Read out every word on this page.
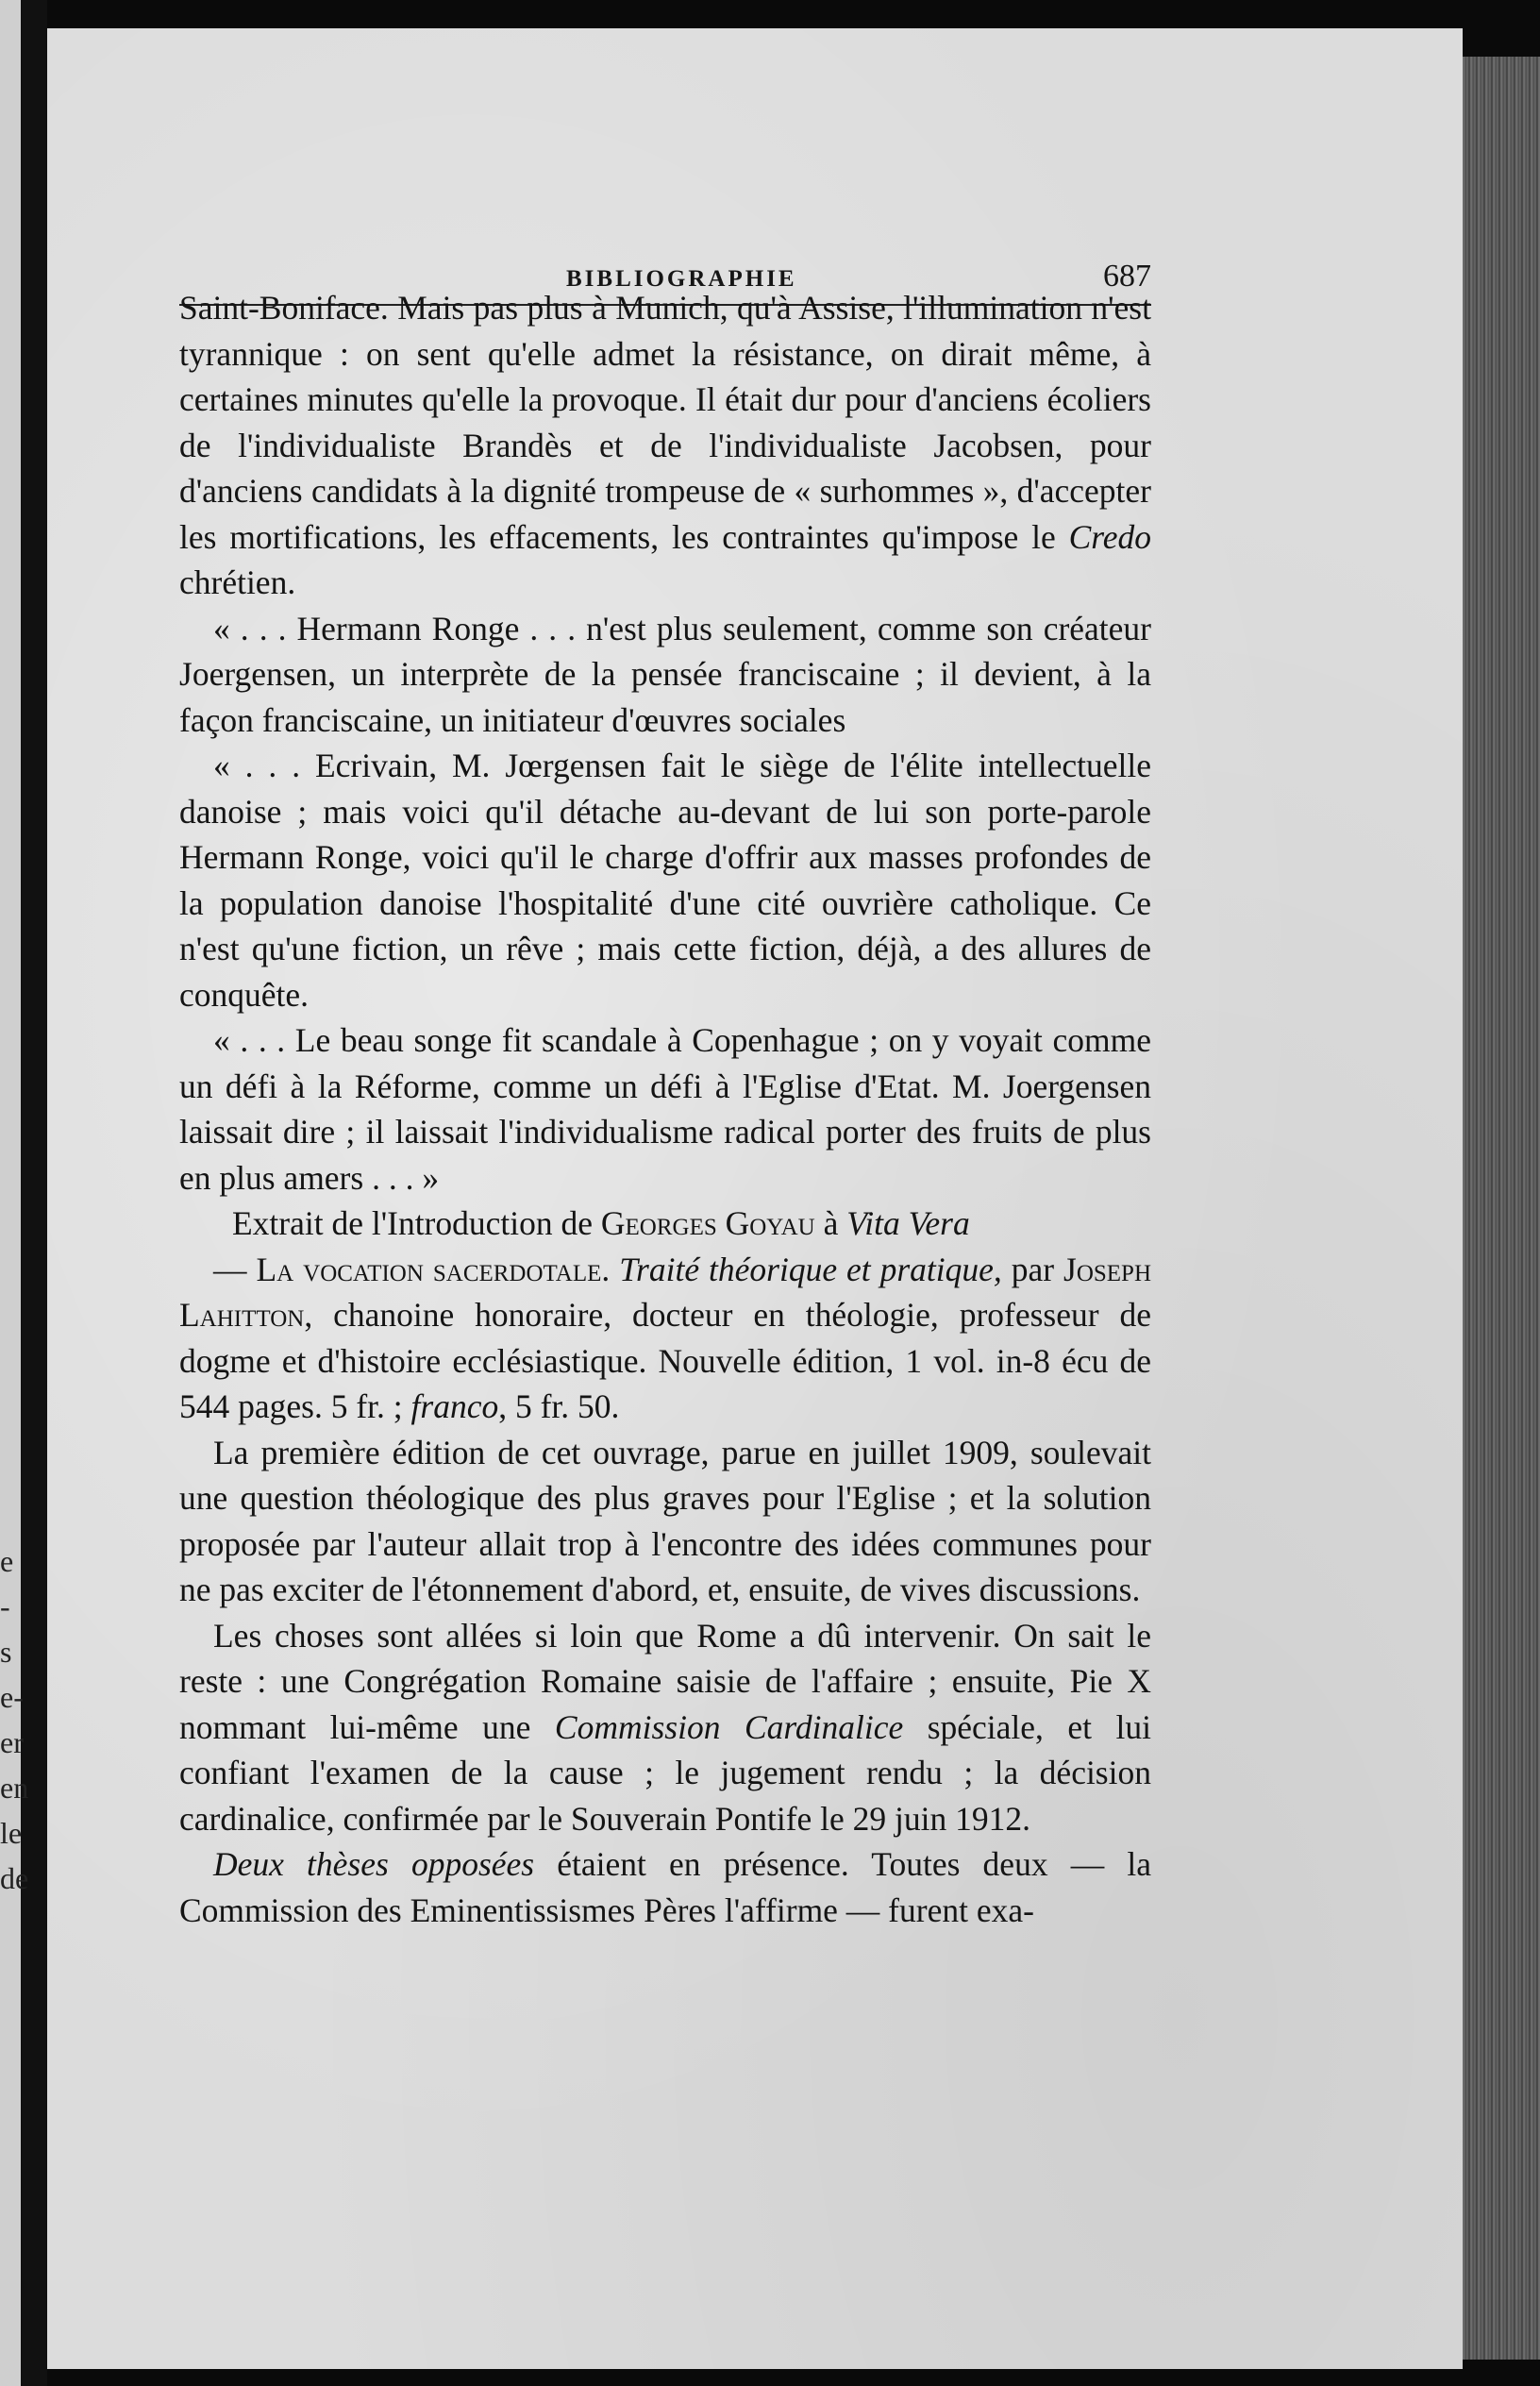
BIBLIOGRAPHIE	687
e
-
s
e-
er
en
le
de

Saint-Boniface. Mais pas plus à Munich, qu'à Assise, l'illumination n'est tyrannique : on sent qu'elle admet la résistance, on dirait même, à certaines minutes qu'elle la provoque. Il était dur pour d'anciens écoliers de l'individualiste Brandès et de l'individualiste Jacobsen, pour d'anciens candidats à la dignité trompeuse de « surhommes », d'accepter les mortifications, les effacements, les contraintes qu'impose le Credo chrétien.

« . . . Hermann Ronge . . . n'est plus seulement, comme son créateur Joergensen, un interprète de la pensée franciscaine ; il devient, à la façon franciscaine, un initiateur d'œuvres sociales

« . . . Ecrivain, M. Jœrgensen fait le siège de l'élite intellectuelle danoise ; mais voici qu'il détache au-devant de lui son porte-parole Hermann Ronge, voici qu'il le charge d'offrir aux masses profondes de la population danoise l'hospitalité d'une cité ouvrière catholique. Ce n'est qu'une fiction, un rêve ; mais cette fiction, déjà, a des allures de conquête.

« . . . Le beau songe fit scandale à Copenhague ; on y voyait comme un défi à la Réforme, comme un défi à l'Eglise d'Etat. M. Joergensen laissait dire ; il laissait l'individualisme radical porter des fruits de plus en plus amers . . . »

Extrait de l'Introduction de Georges Goyau à Vita Vera

— La vocation sacerdotale. Traité théorique et pratique, par Joseph Lahitton, chanoine honoraire, docteur en théologie, professeur de dogme et d'histoire ecclésiastique. Nouvelle édition, 1 vol. in-8 écu de 544 pages. 5 fr. ; franco, 5 fr. 50.

La première édition de cet ouvrage, parue en juillet 1909, soulevait une question théologique des plus graves pour l'Eglise ; et la solution proposée par l'auteur allait trop à l'encontre des idées communes pour ne pas exciter de l'étonnement d'abord, et, ensuite, de vives discussions.

Les choses sont allées si loin que Rome a dû intervenir. On sait le reste : une Congrégation Romaine saisie de l'affaire ; ensuite, Pie X nommant lui-même une Commission Cardinalice spéciale, et lui confiant l'examen de la cause ; le jugement rendu ; la décision cardinalice, confirmée par le Souverain Pontife le 29 juin 1912.

Deux thèses opposées étaient en présence. Toutes deux — la Commission des Eminentissismes Pères l'affirme — furent exa-
